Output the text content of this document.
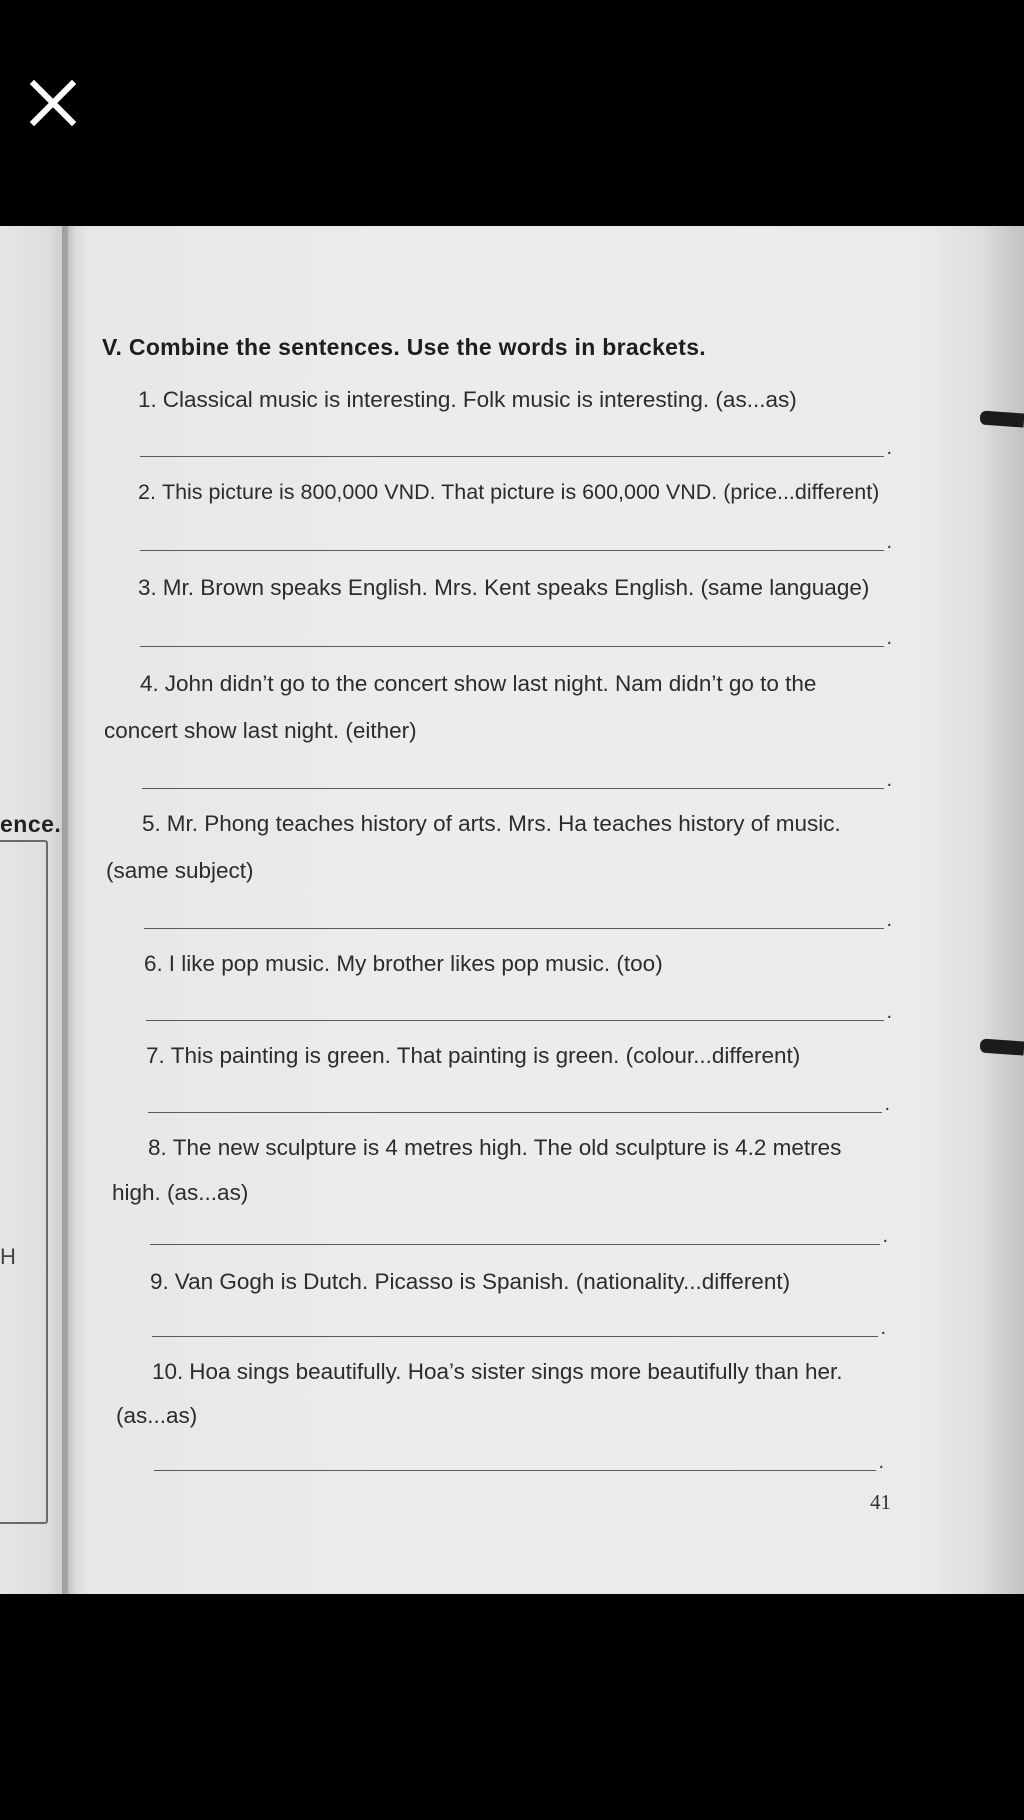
ence.
H
V. Combine the sentences. Use the words in brackets.
1. Classical music is interesting. Folk music is interesting. (as...as)
.
2. This picture is 800,000 VND. That picture is 600,000 VND. (price...different)
.
3. Mr. Brown speaks English. Mrs. Kent speaks English. (same language)
.
4. John didn’t go to the concert show last night. Nam didn’t go to the
concert show last night. (either)
.
5. Mr. Phong teaches history of arts. Mrs. Ha teaches history of music.
(same subject)
.
6. I like pop music. My brother likes pop music. (too)
.
7. This painting is green. That painting is green. (colour...different)
.
8. The new sculpture is 4 metres high. The old sculpture is 4.2 metres
high. (as...as)
.
9. Van Gogh is Dutch. Picasso is Spanish. (nationality...different)
.
10. Hoa sings beautifully. Hoa’s sister sings more beautifully than her.
(as...as)
.
41
